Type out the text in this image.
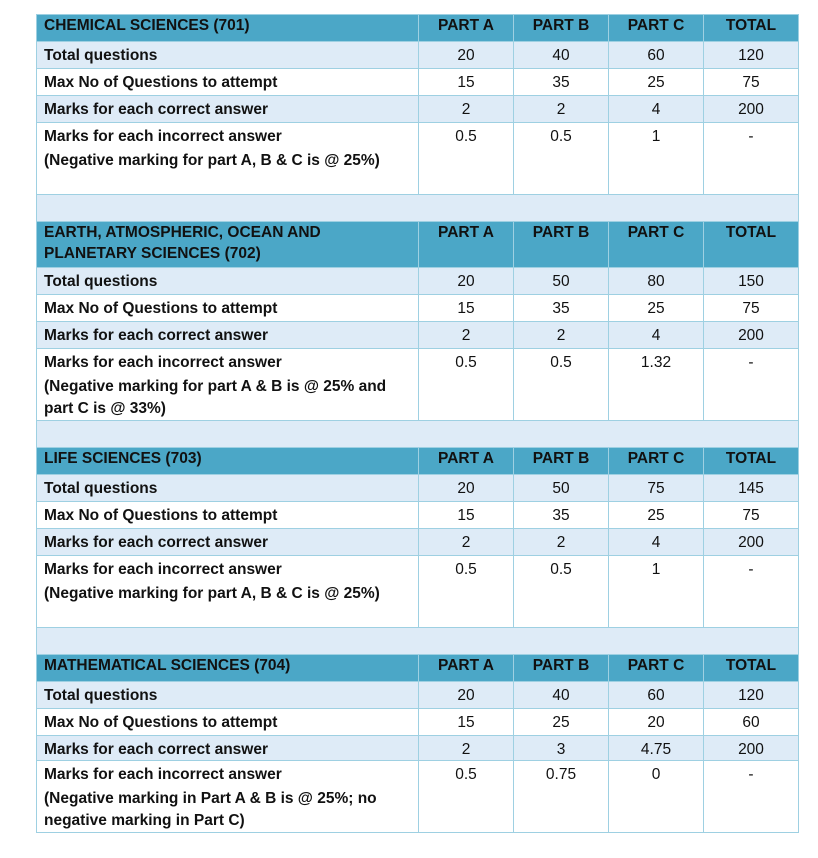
CHEMICAL SCIENCES (701)	PART A	PART B	PART C	TOTAL

Total questions	20	40	60	120

Max No of Questions to attempt	15	35	25	75

Marks for each correct answer	2	2	4	200

Marks for each incorrect answer
(Negative marking for part A, B & C is @ 25%)	0.5	0.5	1	-

EARTH, ATMOSPHERIC, OCEAN AND PLANETARY SCIENCES (702)	PART A	PART B	PART C	TOTAL

Total questions	20	50	80	150

Max No of Questions to attempt	15	35	25	75

Marks for each correct answer	2	2	4	200

Marks for each incorrect answer
(Negative marking for part A & B is @ 25% and part C is @ 33%)	0.5	0.5	1.32	-

LIFE SCIENCES (703)	PART A	PART B	PART C	TOTAL

Total questions	20	50	75	145

Max No of Questions to attempt	15	35	25	75

Marks for each correct answer	2	2	4	200

Marks for each incorrect answer
(Negative marking for part A, B & C is @ 25%)	0.5	0.5	1	-

MATHEMATICAL SCIENCES (704)	PART A	PART B	PART C	TOTAL

Total questions	20	40	60	120

Max No of Questions to attempt	15	25	20	60

Marks for each correct answer	2	3	4.75	200

Marks for each incorrect answer
(Negative marking in Part A & B is @ 25%; no negative marking in Part C)	0.5	0.75	0	-
